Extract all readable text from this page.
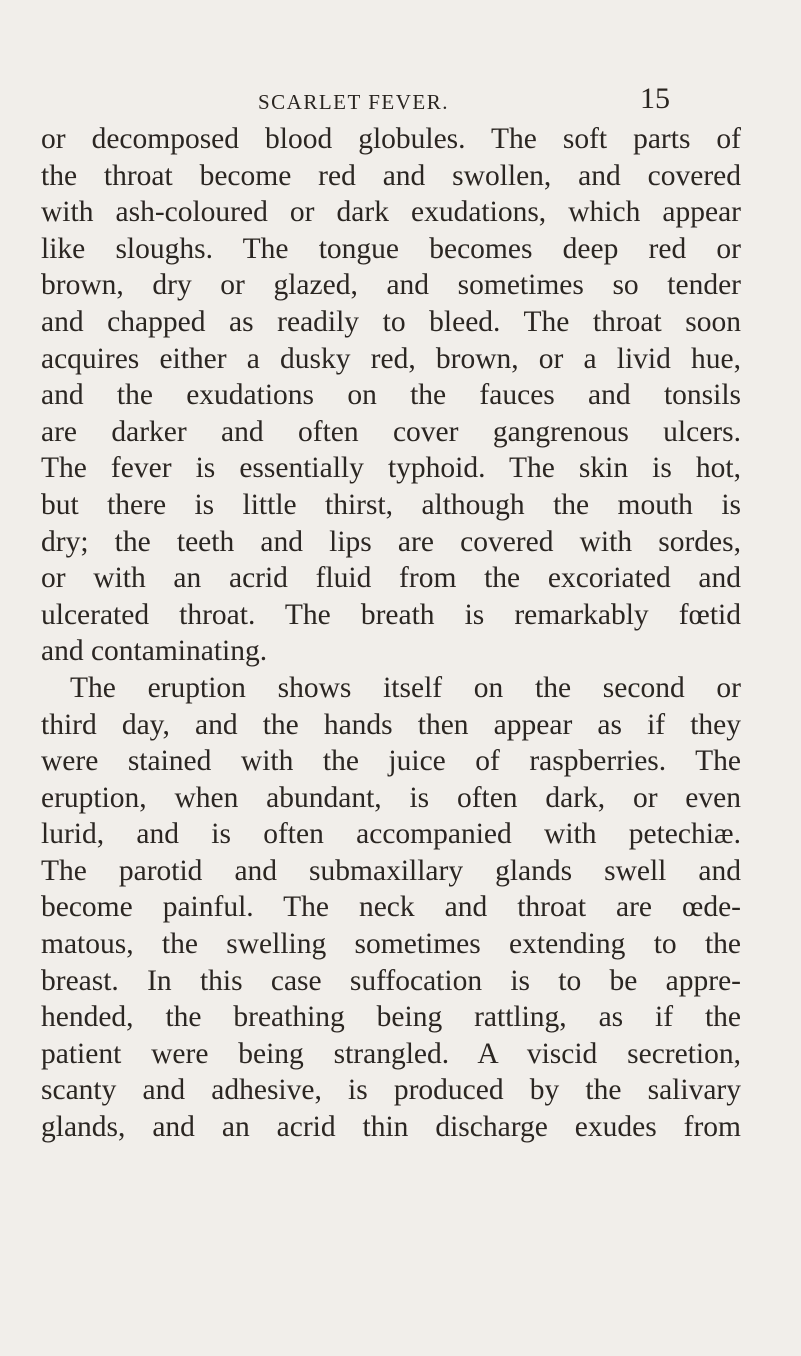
SCARLET FEVER.	15
or decomposed blood globules. The soft parts of
the throat become red and swollen, and covered
with ash-coloured or dark exudations, which appear
like sloughs. The tongue becomes deep red or
brown, dry or glazed, and sometimes so tender
and chapped as readily to bleed. The throat soon
acquires either a dusky red, brown, or a livid hue,
and the exudations on the fauces and tonsils
are darker and often cover gangrenous ulcers.
The fever is essentially typhoid. The skin is hot,
but there is little thirst, although the mouth is
dry; the teeth and lips are covered with sordes,
or with an acrid fluid from the excoriated and
ulcerated throat. The breath is remarkably fœtid
and contaminating.
The eruption shows itself on the second or
third day, and the hands then appear as if they
were stained with the juice of raspberries. The
eruption, when abundant, is often dark, or even
lurid, and is often accompanied with petechiæ.
The parotid and submaxillary glands swell and
become painful. The neck and throat are œde-
matous, the swelling sometimes extending to the
breast. In this case suffocation is to be appre-
hended, the breathing being rattling, as if the
patient were being strangled. A viscid secretion,
scanty and adhesive, is produced by the salivary
glands, and an acrid thin discharge exudes from
